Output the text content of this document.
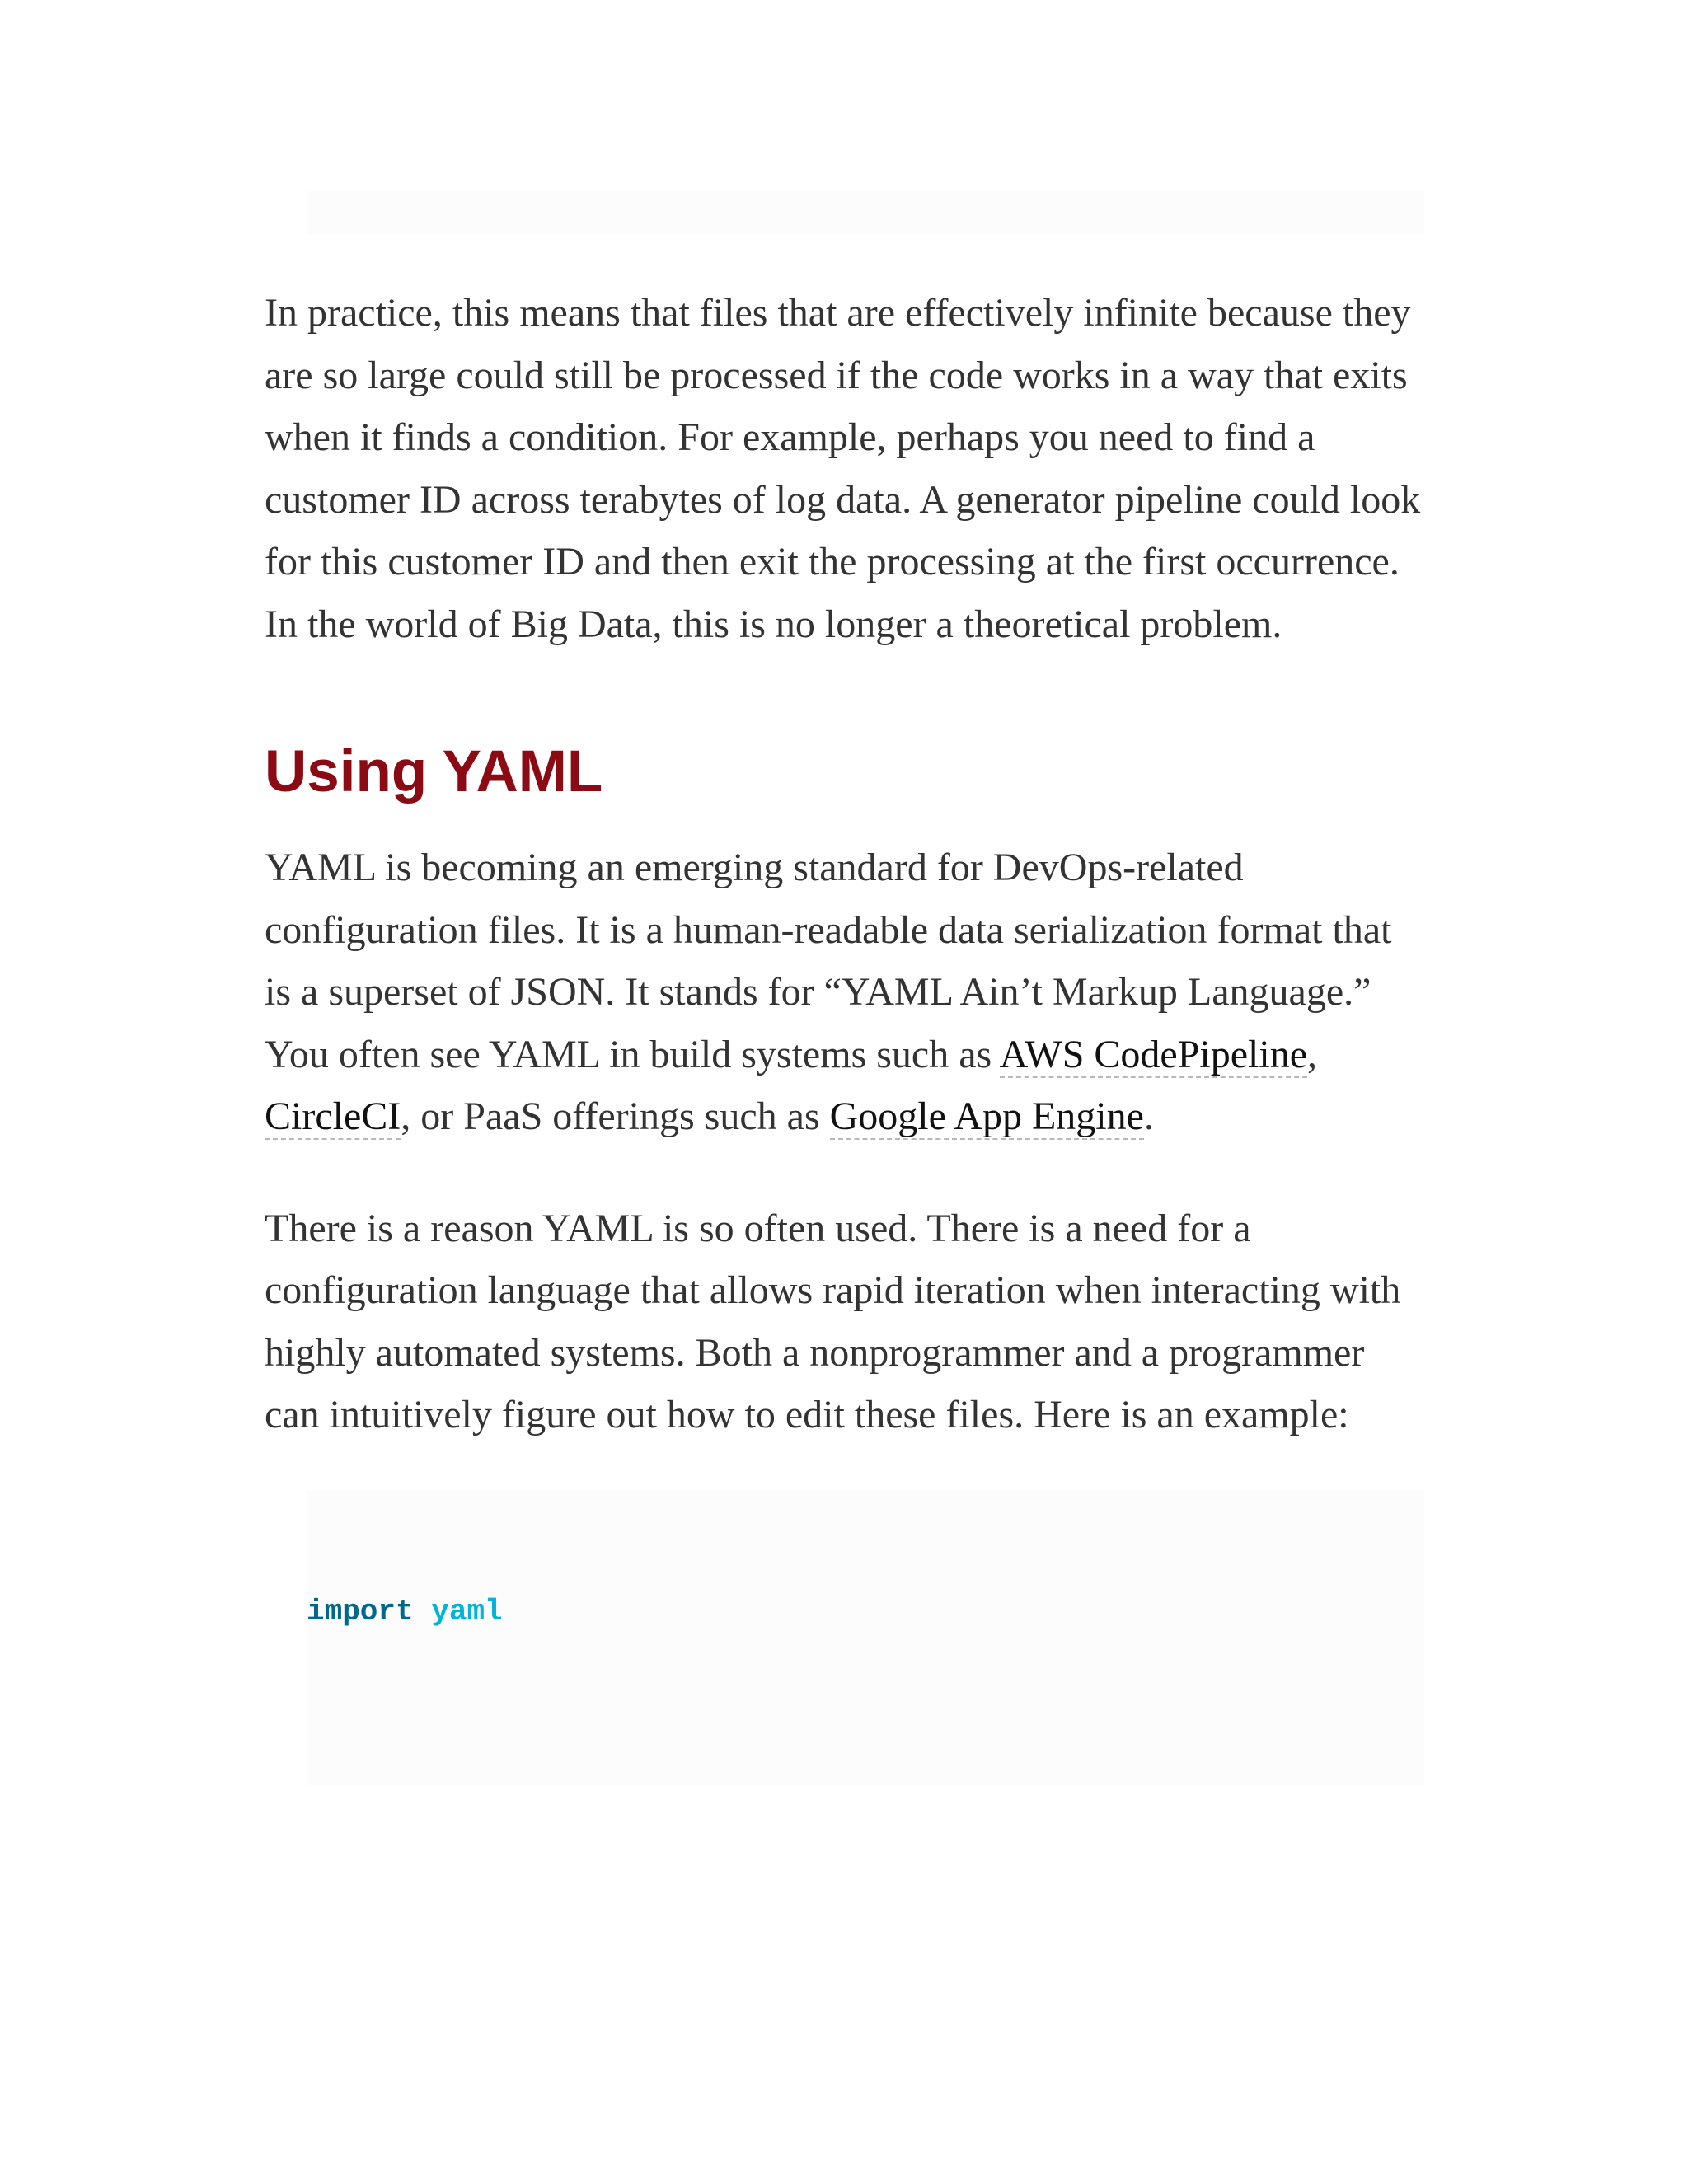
In practice, this means that files that are effectively infinite because they are so large could still be processed if the code works in a way that exits when it finds a condition. For example, perhaps you need to find a customer ID across terabytes of log data. A generator pipeline could look for this customer ID and then exit the processing at the first occurrence. In the world of Big Data, this is no longer a theoretical problem.

Using YAML

YAML is becoming an emerging standard for DevOps-related configuration files. It is a human-readable data serialization format that is a superset of JSON. It stands for “YAML Ain’t Markup Language.” You often see YAML in build systems such as AWS CodePipeline, CircleCI, or PaaS offerings such as Google App Engine.

There is a reason YAML is so often used. There is a need for a configuration language that allows rapid iteration when interacting with highly automated systems. Both a nonprogrammer and a programmer can intuitively figure out how to edit these files. Here is an example:

import yaml
